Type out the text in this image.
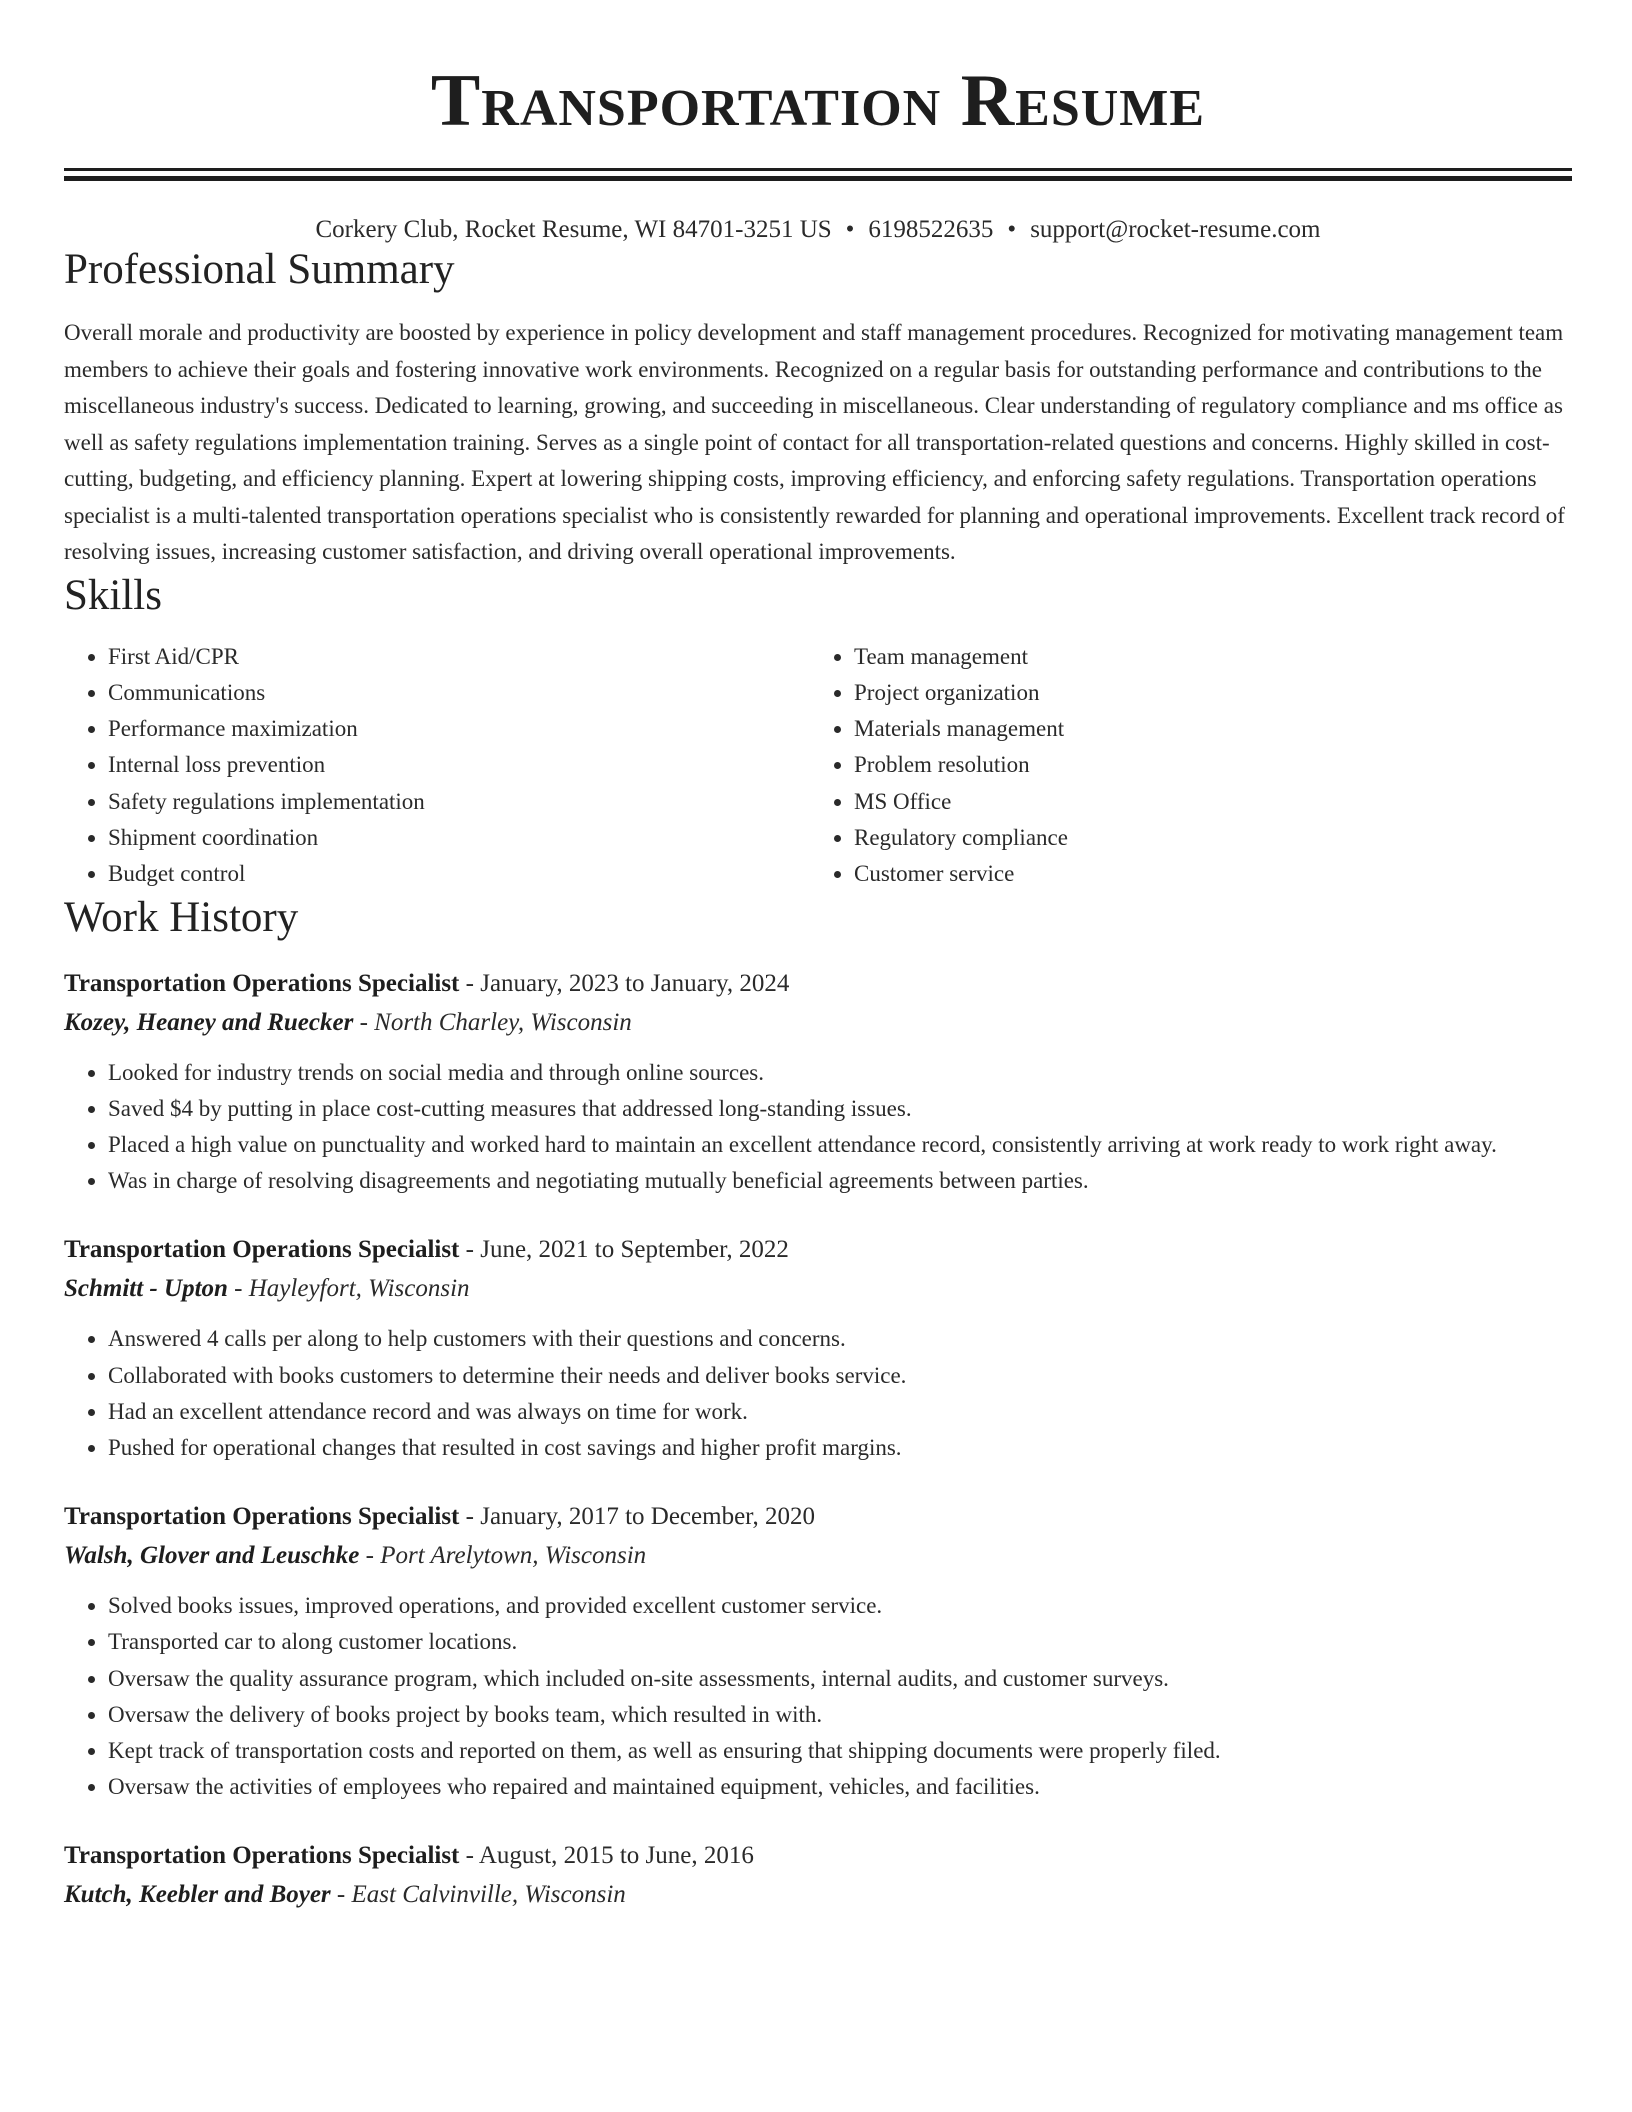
Transportation Resume
Corkery Club, Rocket Resume, WI 84701-3251 US • 6198522635 • support@rocket-resume.com
Professional Summary

Overall morale and productivity are boosted by experience in policy development and staff management procedures. Recognized for motivating management team members to achieve their goals and fostering innovative work environments. Recognized on a regular basis for outstanding performance and contributions to the miscellaneous industry's success. Dedicated to learning, growing, and succeeding in miscellaneous. Clear understanding of regulatory compliance and ms office as well as safety regulations implementation training. Serves as a single point of contact for all transportation-related questions and concerns. Highly skilled in cost-cutting, budgeting, and efficiency planning. Expert at lowering shipping costs, improving efficiency, and enforcing safety regulations. Transportation operations specialist is a multi-talented transportation operations specialist who is consistently rewarded for planning and operational improvements. Excellent track record of resolving issues, increasing customer satisfaction, and driving overall operational improvements.

Skills
• First Aid/CPR
• Communications
• Performance maximization
• Internal loss prevention
• Safety regulations implementation
• Shipment coordination
• Budget control
• Team management
• Project organization
• Materials management
• Problem resolution
• MS Office
• Regulatory compliance
• Customer service
Work History
Transportation Operations Specialist - January, 2023 to January, 2024
Kozey, Heaney and Ruecker - North Charley, Wisconsin
• Looked for industry trends on social media and through online sources.
• Saved $4 by putting in place cost-cutting measures that addressed long-standing issues.
• Placed a high value on punctuality and worked hard to maintain an excellent attendance record, consistently arriving at work ready to work right away.
• Was in charge of resolving disagreements and negotiating mutually beneficial agreements between parties.
Transportation Operations Specialist - June, 2021 to September, 2022
Schmitt - Upton - Hayleyfort, Wisconsin
• Answered 4 calls per along to help customers with their questions and concerns.
• Collaborated with books customers to determine their needs and deliver books service.
• Had an excellent attendance record and was always on time for work.
• Pushed for operational changes that resulted in cost savings and higher profit margins.
Transportation Operations Specialist - January, 2017 to December, 2020
Walsh, Glover and Leuschke - Port Arelytown, Wisconsin
• Solved books issues, improved operations, and provided excellent customer service.
• Transported car to along customer locations.
• Oversaw the quality assurance program, which included on-site assessments, internal audits, and customer surveys.
• Oversaw the delivery of books project by books team, which resulted in with.
• Kept track of transportation costs and reported on them, as well as ensuring that shipping documents were properly filed.
• Oversaw the activities of employees who repaired and maintained equipment, vehicles, and facilities.
Transportation Operations Specialist - August, 2015 to June, 2016
Kutch, Keebler and Boyer - East Calvinville, Wisconsin
